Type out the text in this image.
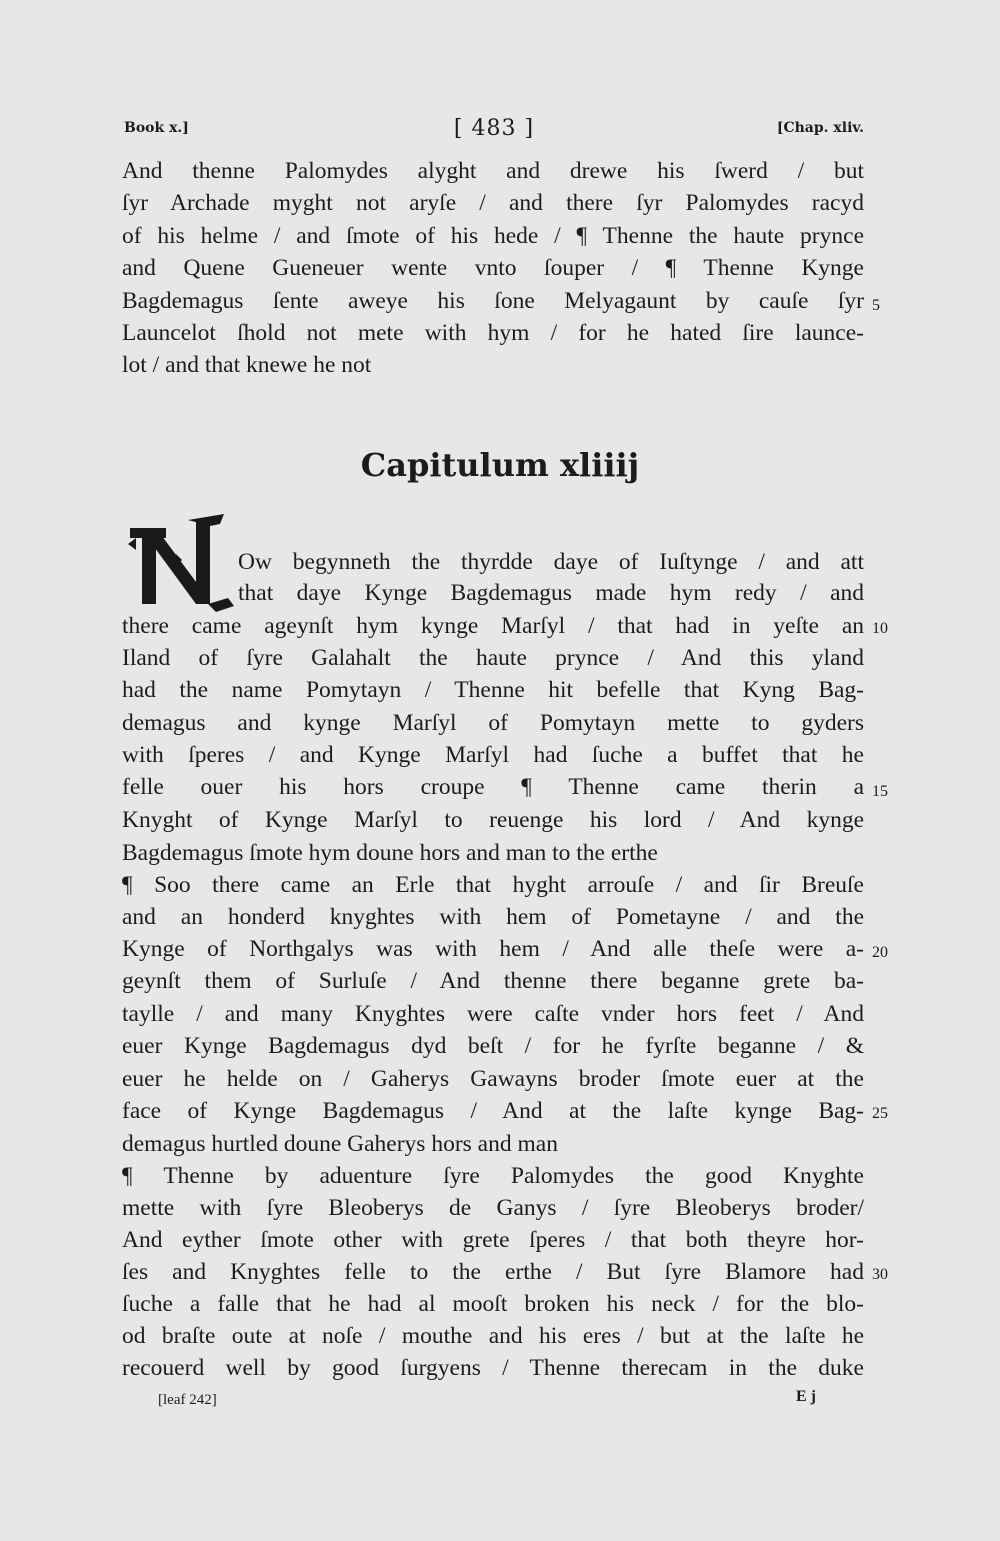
Book x.]	[ 483 ]	[Chap. xliv.
And thenne Palomydes alyght and drewe his ſwerd / but
ſyr Archade myght not aryſe / and there ſyr Palomydes racyd
of his helme / and ſmote of his hede / ¶ Thenne the haute prynce
and Quene Gueneuer wente vnto ſouper / ¶ Thenne Kynge
Bagdemagus ſente aweye his ſone Melyagaunt by cauſe ſyr
Launcelot ſhold not mete with hym / for he hated ſire launce-
lot / and that knewe he not
Capitulum xliiij
Ow begynneth the thyrdde daye of Iuſtynge / and att
that daye Kynge Bagdemagus made hym redy / and
there came ageynſt hym kynge Marſyl / that had in yeſte an
Iland of ſyre Galahalt the haute prynce / And this yland
had the name Pomytayn / Thenne hit befelle that Kyng Bag-
demagus and kynge Marſyl of Pomytayn mette to gyders
with ſperes / and Kynge Marſyl had ſuche a buffet that he
felle ouer his hors croupe ¶ Thenne came therin a
Knyght of Kynge Marſyl to reuenge his lord / And kynge
Bagdemagus ſmote hym doune hors and man to the erthe
¶ Soo there came an Erle that hyght arrouſe / and ſir Breuſe
and an honderd knyghtes with hem of Pometayne / and the
Kynge of Northgalys was with hem / And alle theſe were a-
geynſt them of Surluſe / And thenne there beganne grete ba-
taylle / and many Knyghtes were caſte vnder hors feet / And
euer Kynge Bagdemagus dyd beſt / for he fyrſte beganne / &
euer he helde on / Gaherys Gawayns broder ſmote euer at the
face of Kynge Bagdemagus / And at the laſte kynge Bag-
demagus hurtled doune Gaherys hors and man
¶ Thenne by aduenture ſyre Palomydes the good Knyghte
mette with ſyre Bleoberys de Ganys / ſyre Bleoberys broder/
And eyther ſmote other with grete ſperes / that both theyre hor-
ſes and Knyghtes felle to the erthe / But ſyre Blamore had
ſuche a falle that he had al mooſt broken his neck / for the blo-
od braſte oute at noſe / mouthe and his eres / but at the laſte he
recouerd well by good ſurgyens / Thenne therecam in the duke
5
10
15
20
25
30
[leaf 242]	E j
